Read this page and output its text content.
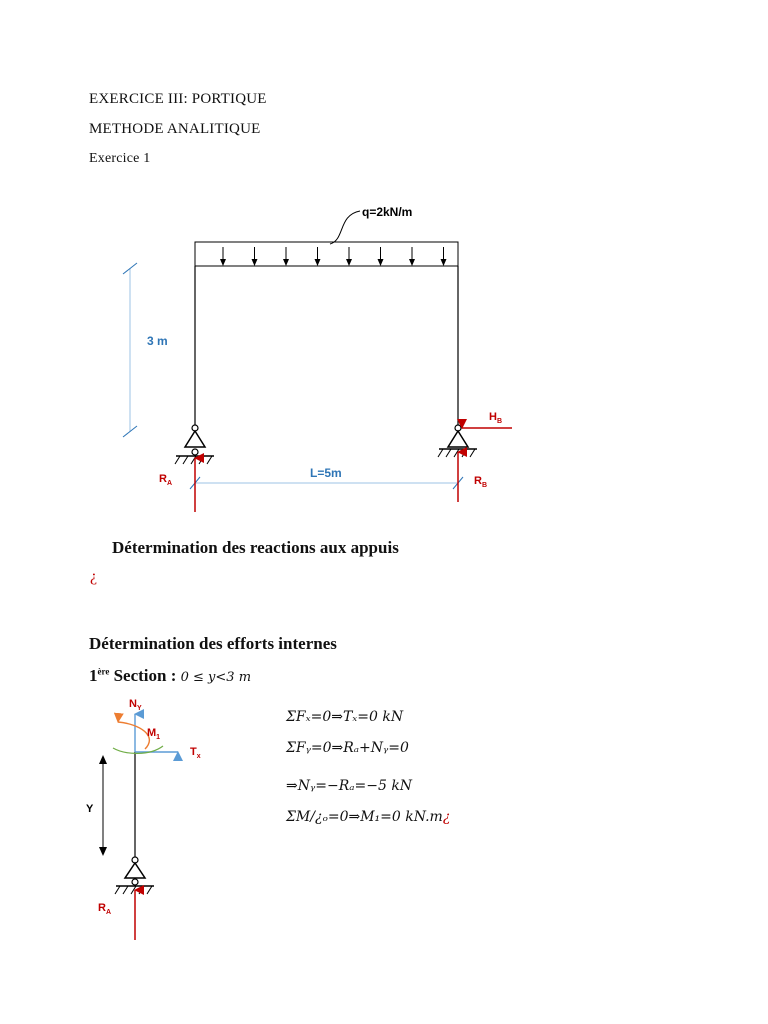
EXERCICE III: PORTIQUE
METHODE ANALITIQUE
Exercice 1
q=2kN/m
3 m
L=5m
$R_A$	$R_B$
$H_B$
Détermination des reactions aux appuis
¿
Détermination des efforts internes
1ère Section : 0 ≤ y<3 m
$N_Y$
$T_x$
$M_1$
Y
$R_A$
ΣFₓ=0⇒Tₓ=0 kN
ΣFᵧ=0⇒Rₐ+Nᵧ=0
⇒Nᵧ=−Rₐ=−5 kN
ΣM/¿ₒ=0⇒M₁=0 kN.m¿
